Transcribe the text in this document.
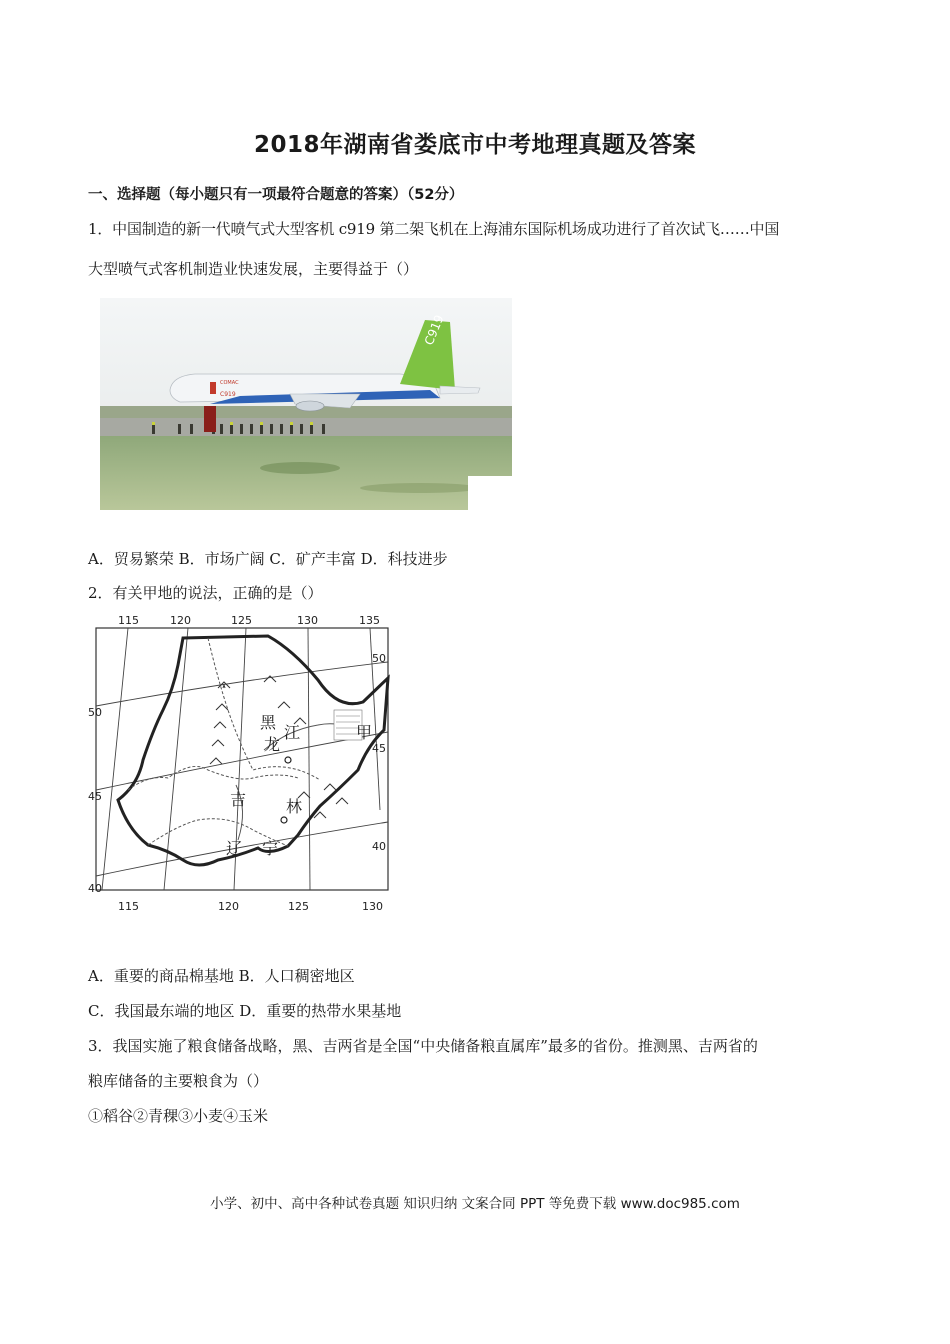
2018年湖南省娄底市中考地理真题及答案
一、选择题（每小题只有一项最符合题意的答案）（52分）
1．中国制造的新一代喷气式大型客机 c919 第二架飞机在上海浦东国际机场成功进行了首次试飞……中国
大型喷气式客机制造业快速发展，主要得益于（）
COMAC
C919
C919
A．贸易繁荣 B．市场广阔 C．矿产丰富 D．科技进步
2．有关甲地的说法，正确的是（）
115	120	125	130	135
115	120	125	130
50
45
40
50
45
40
黑
龙
江
吉 林
辽 宁
甲
A．重要的商品棉基地 B．人口稠密地区
C．我国最东端的地区 D．重要的热带水果基地
3．我国实施了粮食储备战略，黑、吉两省是全国“中央储备粮直属库”最多的省份。推测黑、吉两省的
粮库储备的主要粮食为（）
①稻谷②青稞③小麦④玉米
小学、初中、高中各种试卷真题 知识归纳 文案合同 PPT 等免费下载 www.doc985.com
